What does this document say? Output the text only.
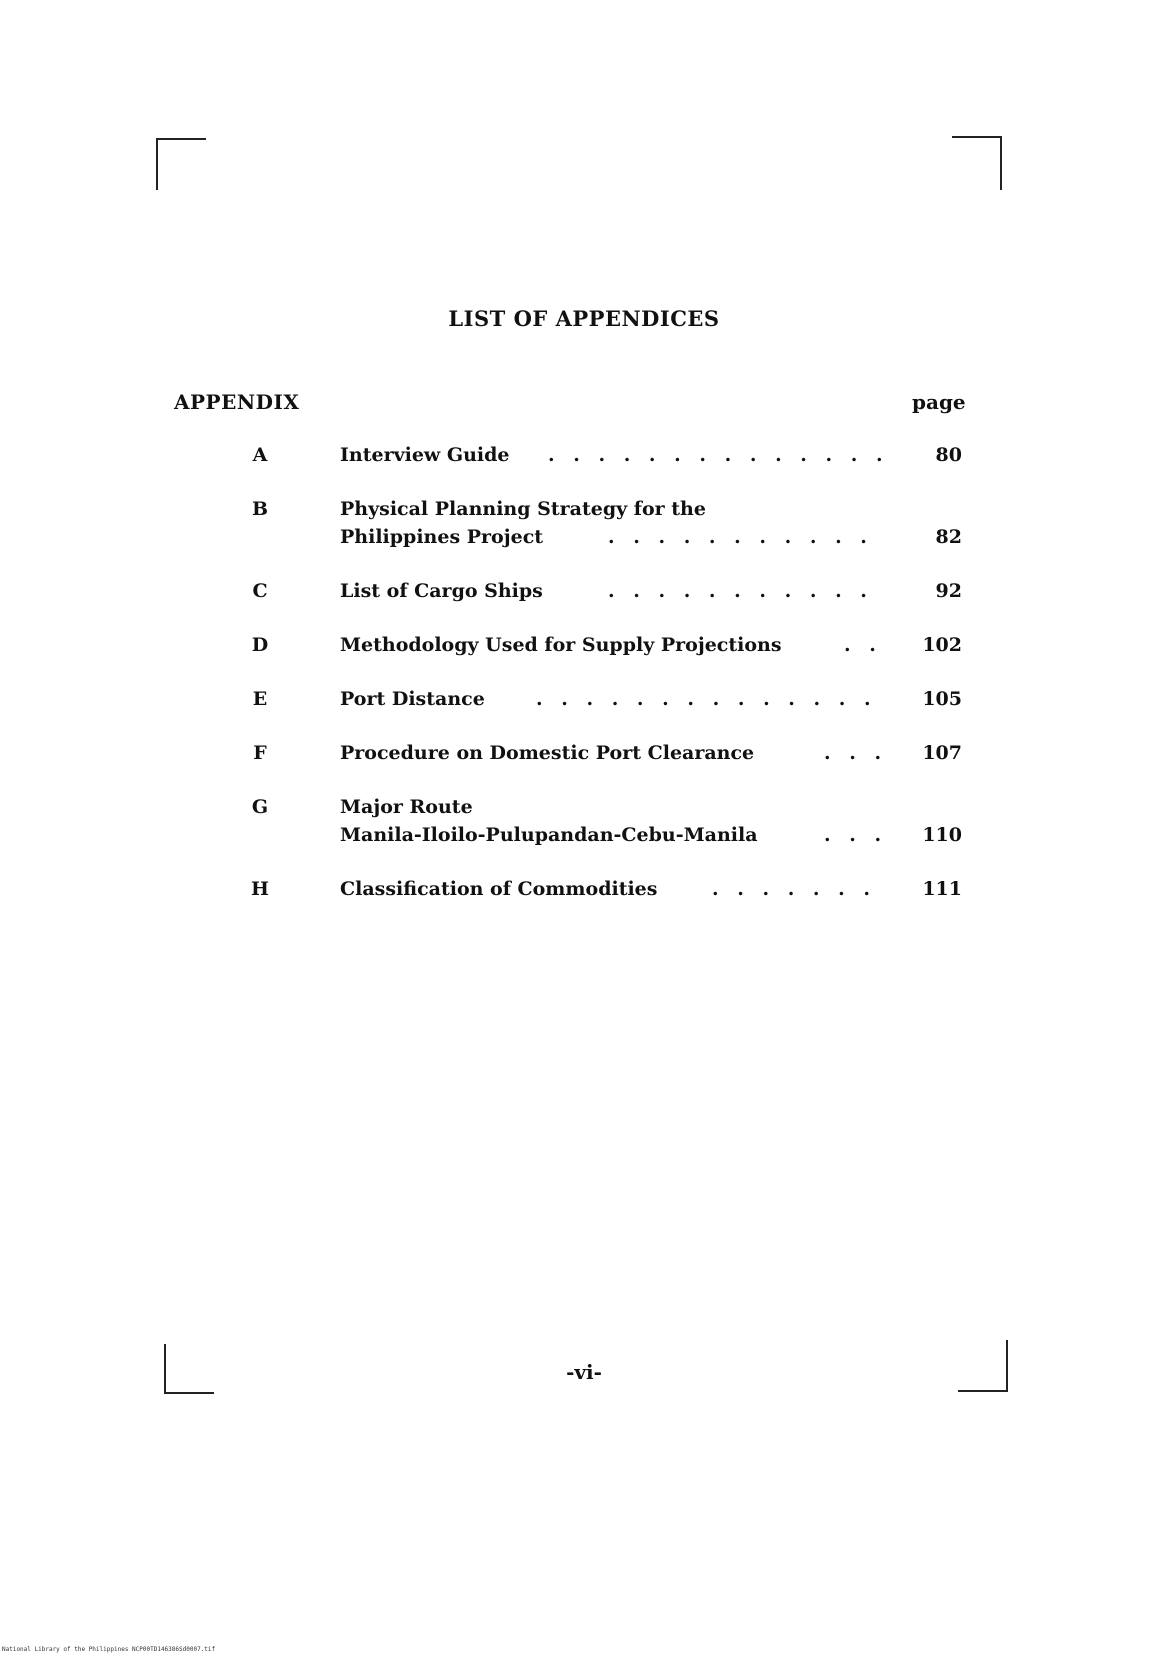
LIST OF APPENDICES
APPENDIX	page
A	Interview Guide . . . . . . . . . . . . . .	80
B	Physical Planning Strategy for the
Philippines Project	. . . . . . . . . . .	82
C	List of Cargo Ships	. . . . . . . . . . .	92
D	Methodology Used for Supply Projections	. . 102
E	Port Distance	. . . . . . . . . . . . . . 105
F	Procedure on Domestic Port Clearance	. . . 107
G	Major Route
Manila-Iloilo-Pulupandan-Cebu-Manila	. . . 110
H	Classification of Commodities	. . . . . . . 111
-vi-
National Library of the Philippines NCP00TD146386Sd0007.tif
